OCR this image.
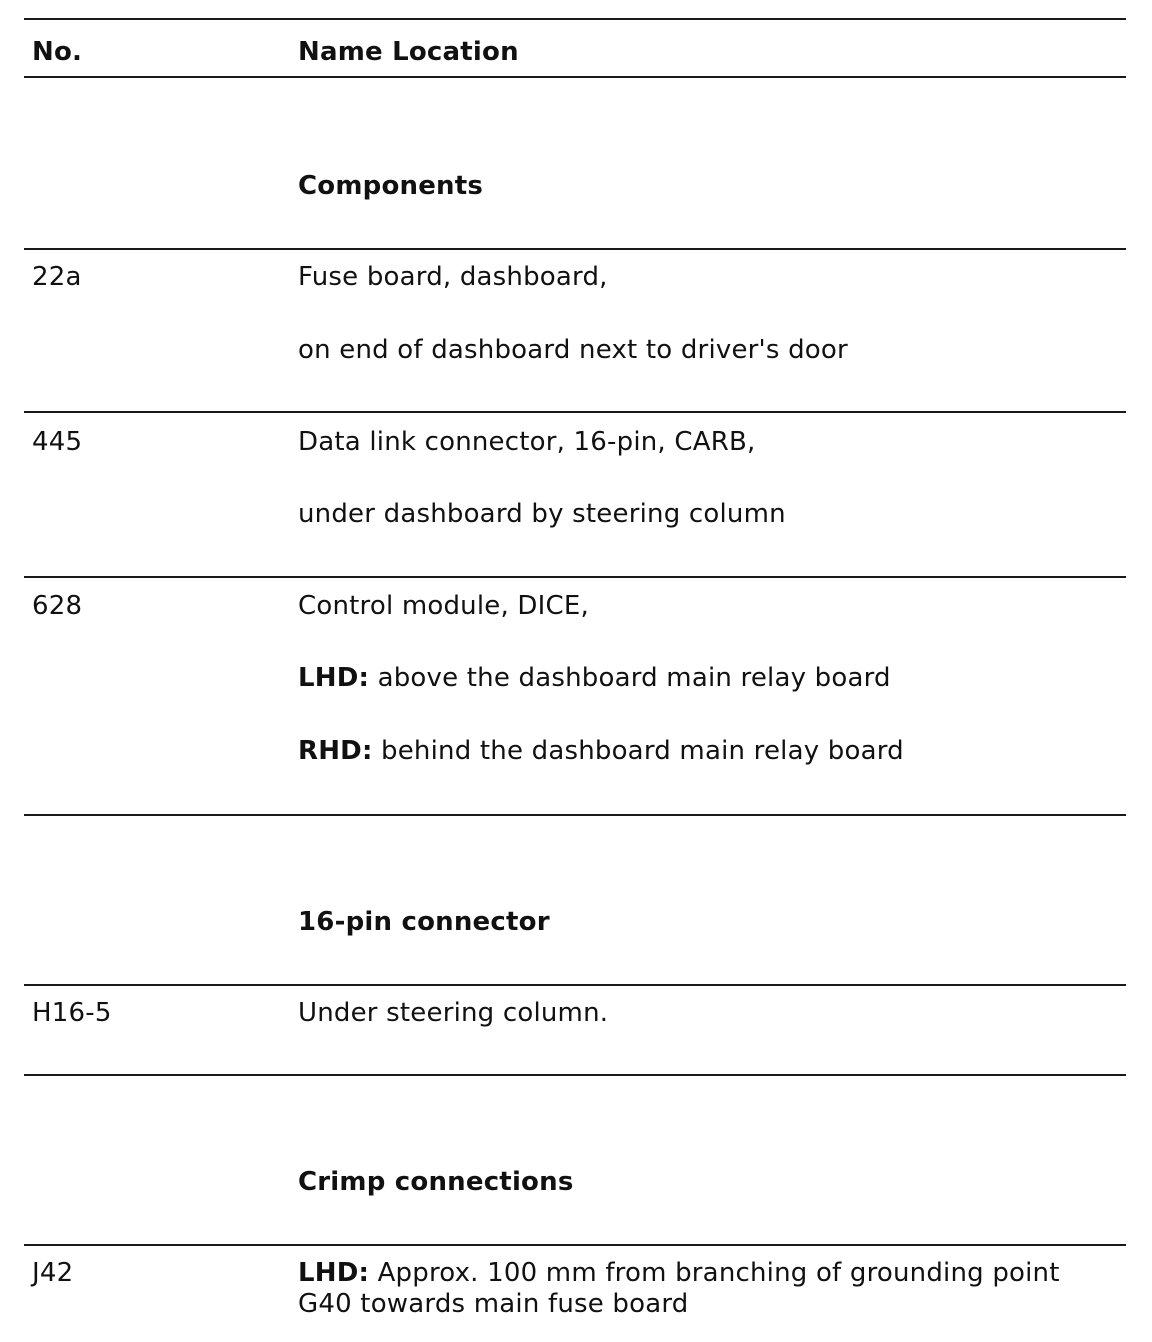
No.	Name Location
Components
22a	Fuse board, dashboard,
on end of dashboard next to driver's door
445	Data link connector, 16-pin, CARB,
under dashboard by steering column
628	Control module, DICE,
LHD: above the dashboard main relay board
RHD: behind the dashboard main relay board
16-pin connector
H16-5	Under steering column.
Crimp connections
J42	LHD: Approx. 100 mm from branching of grounding point
G40 towards main fuse board
